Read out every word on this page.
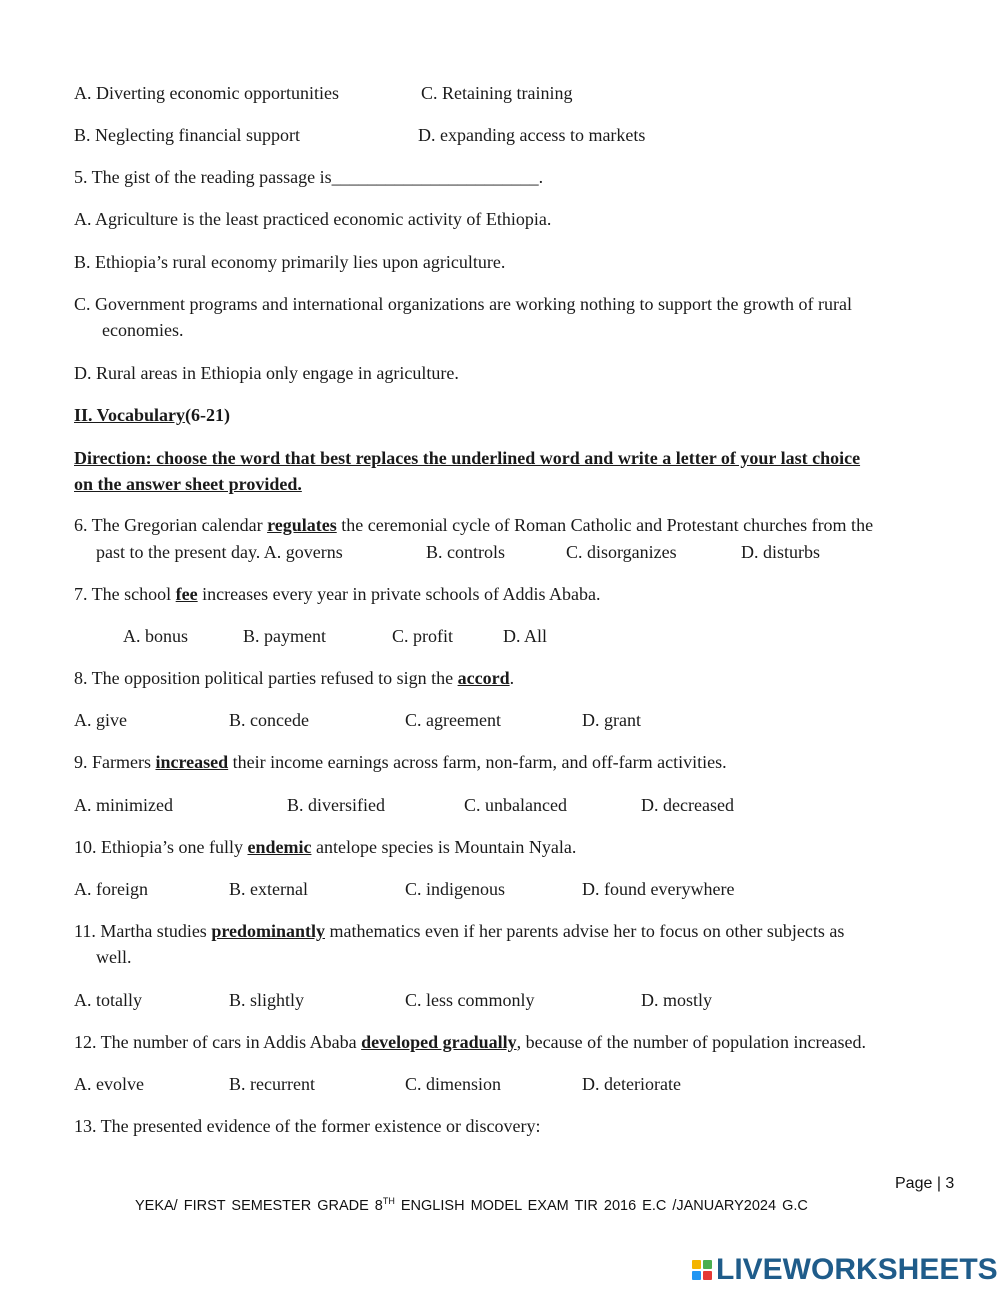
A. Diverting economic opportunities	C. Retaining training
B. Neglecting financial support	D. expanding access to markets
5. The gist of the reading passage is_______________________.
A. Agriculture is the least practiced economic activity of Ethiopia.
B. Ethiopia’s rural economy primarily lies upon agriculture.
C. Government programs and international organizations are working nothing to support the growth of rural
economies.
D. Rural areas in Ethiopia only engage in agriculture.
II. Vocabulary(6-21)
Direction: choose the word that best replaces the underlined word and write a letter of your last choice
on the answer sheet provided.
6. The Gregorian calendar regulates the ceremonial cycle of Roman Catholic and Protestant churches from the
past to the present day. A. governs	B. controls	C. disorganizes	D. disturbs
7. The school fee increases every year in private schools of Addis Ababa.
A. bonus	B. payment	C. profit	D. All
8. The opposition political parties refused to sign the accord.
A. give	B. concede	C. agreement	D. grant
9. Farmers increased their income earnings across farm, non-farm, and off-farm activities.
A. minimized	B. diversified	C. unbalanced	D. decreased
10. Ethiopia’s one fully endemic antelope species is Mountain Nyala.
A. foreign	B. external	C. indigenous	D. found everywhere
11. Martha studies predominantly mathematics even if her parents advise her to focus on other subjects as
well.
A. totally	B. slightly	C. less commonly	D. mostly
12. The number of cars in Addis Ababa developed gradually, because of the number of population increased.
A. evolve	B. recurrent	C. dimension	D. deteriorate
13. The presented evidence of the former existence or discovery:
Page | 3
YEKA/ FIRST SEMESTER GRADE 8TH ENGLISH MODEL EXAM TIR 2016 E.C /JANUARY2024 G.C
LIVEWORKSHEETS
